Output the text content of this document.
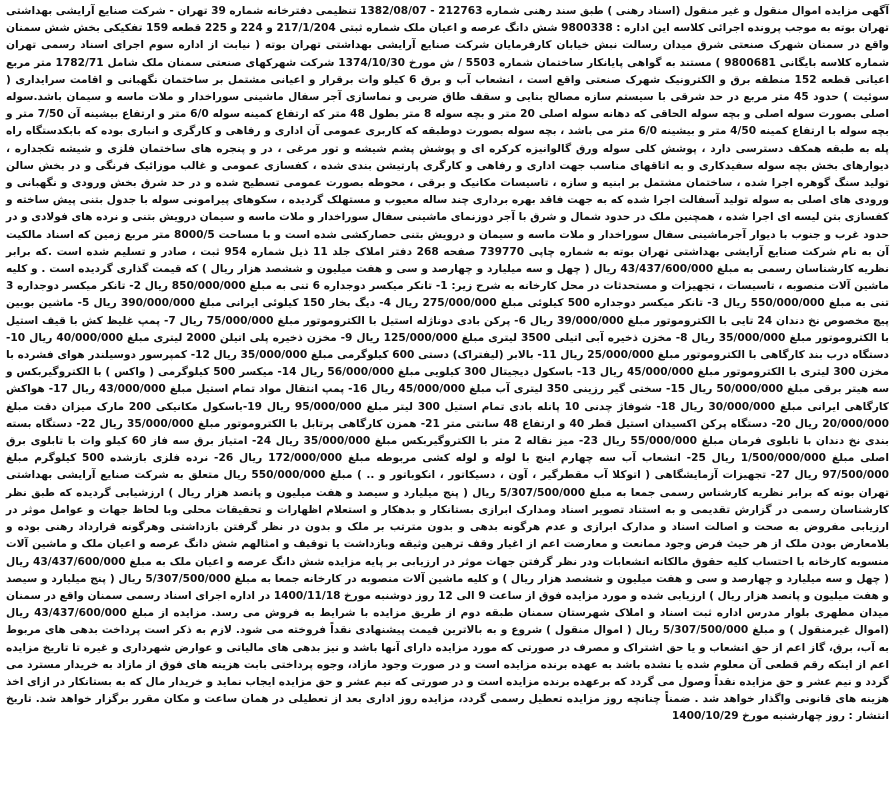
آگهی مزایده اموال منقول و غیر منقول (اسناد رهنی ) طبق سند رهنی شماره 212763 - 1382/08/07 تنظیمی دفترخانه شماره 39 تهران - شرکت صنایع آرایشی بهداشتی تهران بوته به موجب پرونده اجرائی کلاسه این اداره : 9800338 شش دانگ عرصه و اعیان ملک شماره ثبتی 217/1/204 و 224 و 225 قطعه 159 تفکیکی بخش شش سمنان واقع در سمنان شهرک صنعتی شرق میدان رسالت نبش خیابان کارفرمایان شرکت صنایع آرایشی بهداشتی تهران بوته ( نیابت از اداره سوم اجرای اسناد رسمی تهران شماره کلاسه بایگانی 9800681 ) مستند به گواهی پایانکار ساختمان شماره 5503 / ش مورخ 1374/10/30 شرکت شهرکهای صنعتی سمنان ملک شامل 1782/71 متر مربع اعیانی قطعه 152 منطقه برق و الکترونیک شهرک صنعتی واقع است ، انشعاب آب و برق 6 کیلو وات برقرار و اعیانی مشتمل بر ساختمان نگهبانی و اقامت سرایداری ( سوئیت ) حدود 45 متر مربع در حد شرقی با سیستم سازه مصالح بنایی و سقف طاق ضربی و نماسازی آجر سفال ماشینی سوراخدار و ملات ماسه و سیمان باشد.سوله اصلی بصورت سوله اصلی و بچه سوله الحاقی که دهانه سوله اصلی 20 متر و بچه سوله 8 متر بطول 48 متر که ارتفاع کمینه سوله 6/0 متر و ارتفاع بیشینه آن 7/50 متر و بچه سوله با ارتفاع کمینه 4/50 متر و بیشینه 6/0 متر می باشد ، بچه سوله بصورت دوطبقه که کاربری عمومی آن اداری و رفاهی و کارگری و انباری بوده که بابکدستگاه راه پله به طبقه همکف دسترسی دارد ، پوشش کلی سوله ورق گالوانیزه کرکره ای و پوشش پشم شیشه و تور مرغی ، در و پنجره های ساختمان فلزی و شیشه تکجداره ، دیوارهای بخش بچه سوله سفیدکاری و به اتاقهای مناسب جهت اداری و رفاهی و کارگری پارتیشن بندی شده ، کفسازی عمومی و غالب موزائیک فرنگی و در بخش سالن تولید سنگ گوهره اجرا شده ، ساختمان مشتمل بر ابنیه و سازه ، تاسیسات مکانیک و برقی ، محوطه بصورت عمومی تسطیح شده و در حد شرق بخش ورودی و نگهبانی و ورودی های اصلی به سوله تولید آسفالت اجرا شده که به جهت فاقد بهره برداری چند ساله معیوب و مستهلک گردیده ، سکوهای پیرامونی سوله با جدول بتنی پیش ساخته و کفسازی بتن لیسه ای اجرا شده ، همچنین ملک در حدود شمال و شرق با آجر دوزنمای ماشینی سفال سوراخدار و ملات ماسه و سیمان درویش بتنی و نرده های فولادی و در حدود غرب و جنوب با دیوار آجرماشینی سفال سوراخدار و ملات ماسه و سیمان و درویش بتنی حصارکشی شده است و با مساحت 8000/5 متر مربع زمین که اسناد مالکیت آن به نام شرکت صنایع آرایشی بهداشتی تهران بوته به شماره چاپی 739770 صفحه 268 دفتر املاک جلد 11 ذیل شماره 954 ثبت ، صادر و تسلیم شده است .که برابر نظریه کارشناسان رسمی به مبلغ 43/437/600/000 ریال ( چهل و سه میلیارد و چهارصد و سی و هفت میلیون و ششصد هزار ریال ) که قیمت گذاری گردیده است . و کلیه ماشین آلات منصوبه ، تاسیسات ، تجهیزات و مستحدثات در محل کارخانه به شرح زیر: 1- تانکر میکسر دوجداره 6 تنی به مبلغ 850/000/000 ریال 2- تانکر میکسر دوجداره 3 تنی به مبلغ 550/000/000 ریال 3- تانکر میکسر دوجداره 500 کیلوئی مبلغ 275/000/000 ریال 4- دیگ بخار 150 کیلوئی ایرانی مبلغ 390/000/000 ریال 5- ماشین بوبین پیچ مخصوص نخ دندان 24 تایی با الکتروموتور مبلغ 39/000/000 ریال 6- پرکن بادی دوناژله استیل با الکتروموتور مبلغ 75/000/000 ریال 7- پمپ غلیظ کش با قیف استیل با الکتروموتور مبلغ 35/000/000 ریال 8- مخزن ذخیره آبی اتیلی 3500 لیتری مبلغ 125/000/000 ریال 9- مخزن ذخیره پلی اتیلن 2000 لیتری مبلغ 40/000/000 ریال 10- دستگاه درب بند کارگاهی با الکتروموتور مبلغ 25/000/000 ریال 11- بالابر (لیفتراک) دستی 600 کیلوگرمی مبلغ 35/000/000 ریال 12- کمپرسور دوسیلندر هوای فشرده با مخزن 300 لیتری با الکتروموتور مبلغ 45/000/000 ریال 13- باسکول دیجیتال 300 کیلویی مبلغ 56/000/000 ریال 14- میکسر 500 کیلوگرمی ( واکس ) با الکتروگیربکس و سه هیتر برقی مبلغ 50/000/000 ریال 15- سختی گیر رزینی 350 لیتری آب مبلغ 45/000/000 ریال 16- پمپ انتقال مواد تمام استیل مبلغ 43/000/000 ریال 17- هواکش کارگاهی ایرانی مبلغ 30/000/000 ریال 18- شوفاژ چدنی 10 پانله بادی تمام استیل 300 لیتر مبلغ 95/000/000 ریال 19-باسکول مکانیکی 200 مارک میزان دقت مبلغ 20/000/000 ریال 20- دستگاه پرکن اکسیدان استیل قطر 40 و ارتفاع 48 سانتی متر 21- همزن کارگاهی پرتابل با الکتروموتور مبلغ 35/000/000 ریال 22- دستگاه بسته بندی نخ دندان با تابلوی فرمان مبلغ 55/000/000 ریال 23- میز نقاله 2 متر با الکتروگیربکس مبلغ 35/000/000 ریال 24- امتیاز برق سه فاز 60 کیلو وات با تابلوی برق اصلی مبلغ 1/500/000/000 ریال 25- انشعاب آب سه چهارم اینچ با لوله و لوله کشی مربوطه مبلغ 172/000/000 ریال 26- نرده فلزی بازشده 500 کیلوگرم مبلغ 97/500/000 ریال 27- تجهیزات آزمایشگاهی ( اتوکلا آب مقطرگیر ، آون ، دسیکاتور ، انکوباتور و .. ) مبلغ 550/000/000 ریال متعلق به شرکت صنایع آرایشی بهداشتی تهران بوته که برابر نظریه کارشناس رسمی جمعا به مبلغ 5/307/500/000 ریال ( پنج میلیارد و سیصد و هفت میلیون و پانصد هزار ریال ) ارزشیابی گردیده که طبق نظر کارشناسان رسمی در گزارش تقدیمی و به استناد تصویر اسناد ومدارک ابرازی بستانکار و بدهکار و استعلام اظهارات و تحقیقات محلی وبا لحاظ جهات و عوامل موثر در ارزیابی مفروض به صحت و اصالت اسناد و مدارک ابرازی و عدم هرگونه بدهی و بدون مترتب بر ملک و بدون در نظر گرفتن بازداشتی وهرگونه قرارداد رهنی بوده و بلامعارض بودن ملک از هر حیث فرض وجود ممانعت و معارضت اعم از اغیار وقف ترهین وثیقه وبازداشت یا توقیف و امثالهم شش دانگ عرصه و اعیان ملک و ماشین آلات منسوبه کارخانه با احتساب کلیه حقوق مالکانه انشعابات ودر نظر گرفتن جهات موثر در ارزیابی بر پایه مزایده شش دانگ عرصه و اعیان ملک به مبلغ 43/437/600/000 ریال ( چهل و سه میلیارد و چهارصد و سی و هفت میلیون و ششصد هزار ریال ) و کلیه ماشین آلات منصوبه در کارخانه جمعا به مبلغ 5/307/500/000 ریال ( پنج میلیارد و سیصد و هفت میلیون و پانصد هزار ریال ) ارزیابی شده و مورد مزایده فوق از ساعت 9 الی 12 روز دوشنبه مورخ 1400/11/18 در اداره اجرای اسناد رسمی سمنان واقع در سمنان میدان مطهری بلوار مدرس اداره ثبت اسناد و املاک شهرستان سمنان طبقه دوم از طریق مزایده با شرایط به فروش می رسد. مزایده از مبلغ 43/437/600/000 ریال (اموال غیرمنقول ) و مبلغ 5/307/500/000 ریال ( اموال منقول ) شروع و به بالاترین قیمت پیشنهادی نقداً فروخته می شود. لازم به ذکر است پرداخت بدهی های مربوط به آب، برق، گاز اعم از حق انشعاب و یا حق اشتراک و مصرف در صورتی که مورد مزایده دارای آنها باشد و نیز بدهی های مالیاتی و عوارض شهرداری و غیره تا تاریخ مزایده اعم از اینکه رقم قطعی آن معلوم شده یا نشده باشد به عهده برنده مزایده است و در صورت وجود مازاد، وجوه پرداختی بابت هزینه های فوق از مازاد به خریدار مسترد می گردد و نیم عشر و حق مزایده نقداً وصول می گردد که برعهده برنده مزایده است و در صورتی که نیم عشر و حق مزایده ایجاب نماید و خریدار مال که به بستانکار در ازای اخذ هزینه های قانونی واگذار خواهد شد . ضمناً چنانچه روز مزایده تعطیل رسمی گردد، مزایده روز اداری بعد از تعطیلی در همان ساعت و مکان مقرر برگزار خواهد شد. تاریخ انتشار : روز چهارشنبه مورخ 1400/10/29
